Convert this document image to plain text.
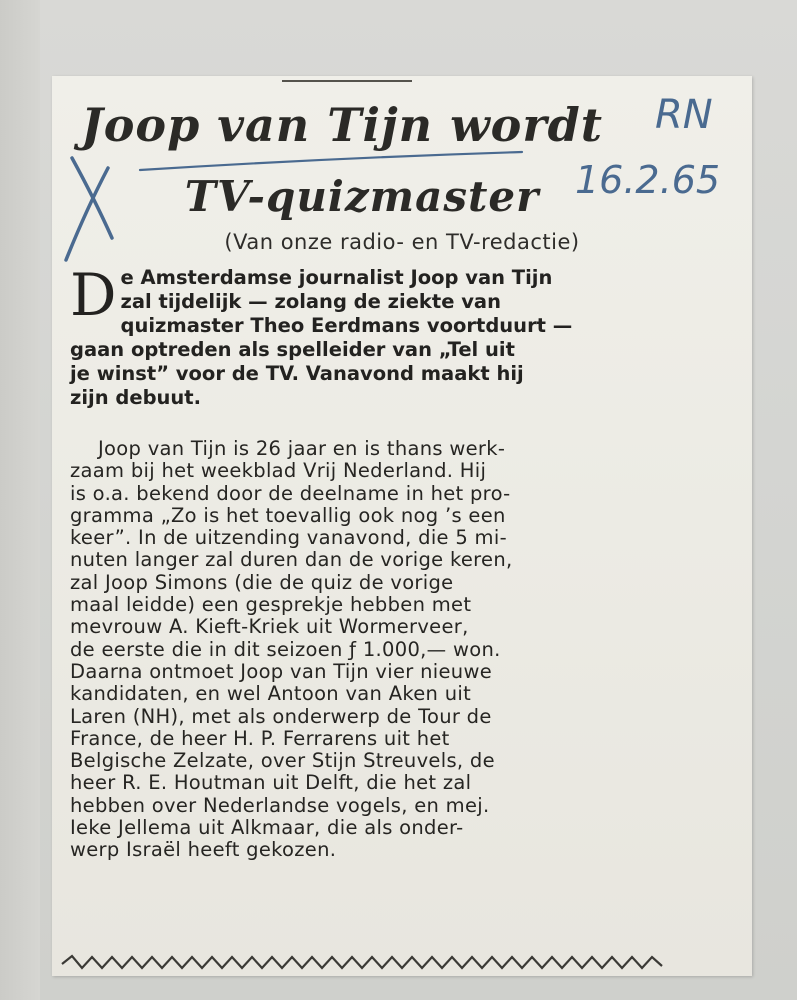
Joop van Tijn wordt
TV-quizmaster
(Van onze radio- en TV-redactie)
D e Amsterdamse journalist Joop van Tijn
zal tijdelijk — zolang de ziekte van
quizmaster Theo Eerdmans voortduurt —
gaan optreden als spelleider van „Tel uit
je winst” voor de TV. Vanavond maakt hij
zijn debuut.
Joop van Tijn is 26 jaar en is thans werk-
zaam bij het weekblad Vrij Nederland. Hij
is o.a. bekend door de deelname in het pro-
gramma „Zo is het toevallig ook nog ’s een
keer”. In de uitzending vanavond, die 5 mi-
nuten langer zal duren dan de vorige keren,
zal Joop Simons (die de quiz de vorige
maal leidde) een gesprekje hebben met
mevrouw A. Kieft-Kriek uit Wormerveer,
de eerste die in dit seizoen ƒ 1.000,— won.
Daarna ontmoet Joop van Tijn vier nieuwe
kandidaten, en wel Antoon van Aken uit
Laren (NH), met als onderwerp de Tour de
France, de heer H. P. Ferrarens uit het
Belgische Zelzate, over Stijn Streuvels, de
heer R. E. Houtman uit Delft, die het zal
hebben over Nederlandse vogels, en mej.
Ieke Jellema uit Alkmaar, die als onder-
werp Israël heeft gekozen.
RN
16.2.65
